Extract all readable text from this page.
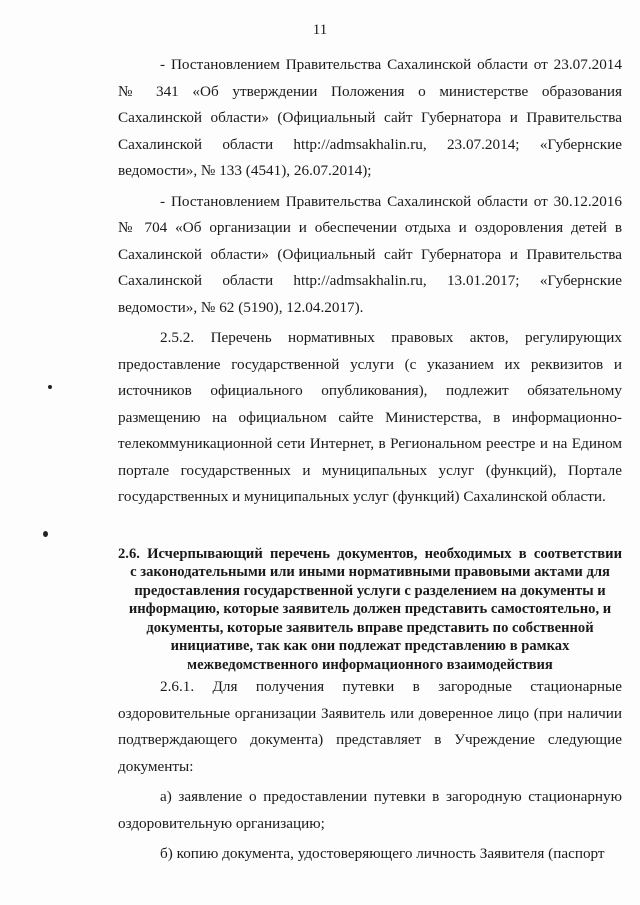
11

- Постановлением Правительства Сахалинской области от 23.07.2014 № 341 «Об утверждении Положения о министерстве образования Сахалинской области» (Официальный сайт Губернатора и Правительства Сахалинской области http://admsakhalin.ru, 23.07.2014; «Губернские ведомости», № 133 (4541), 26.07.2014);

- Постановлением Правительства Сахалинской области от 30.12.2016 № 704 «Об организации и обеспечении отдыха и оздоровления детей в Сахалинской области» (Официальный сайт Губернатора и Правительства Сахалинской области http://admsakhalin.ru, 13.01.2017; «Губернские ведомости», № 62 (5190), 12.04.2017).

2.5.2. Перечень нормативных правовых актов, регулирующих предоставление государственной услуги (с указанием их реквизитов и источников официального опубликования), подлежит обязательному размещению на официальном сайте Министерства, в информационно-телекоммуникационной сети Интернет, в Региональном реестре и на Едином портале государственных и муниципальных услуг (функций), Портале государственных и муниципальных услуг (функций) Сахалинской области.

2.6. Исчерпывающий перечень документов, необходимых в соответствии
с законодательными или иными нормативными правовыми актами для
предоставления государственной услуги с разделением на документы и
информацию, которые заявитель должен представить самостоятельно, и
документы, которые заявитель вправе представить по собственной
инициативе, так как они подлежат представлению в рамках
межведомственного информационного взаимодействия

2.6.1. Для получения путевки в загородные стационарные оздоровительные организации Заявитель или доверенное лицо (при наличии подтверждающего документа) представляет в Учреждение следующие документы:

а) заявление о предоставлении путевки в загородную стационарную оздоровительную организацию;

б) копию документа, удостоверяющего личность Заявителя (паспорт
